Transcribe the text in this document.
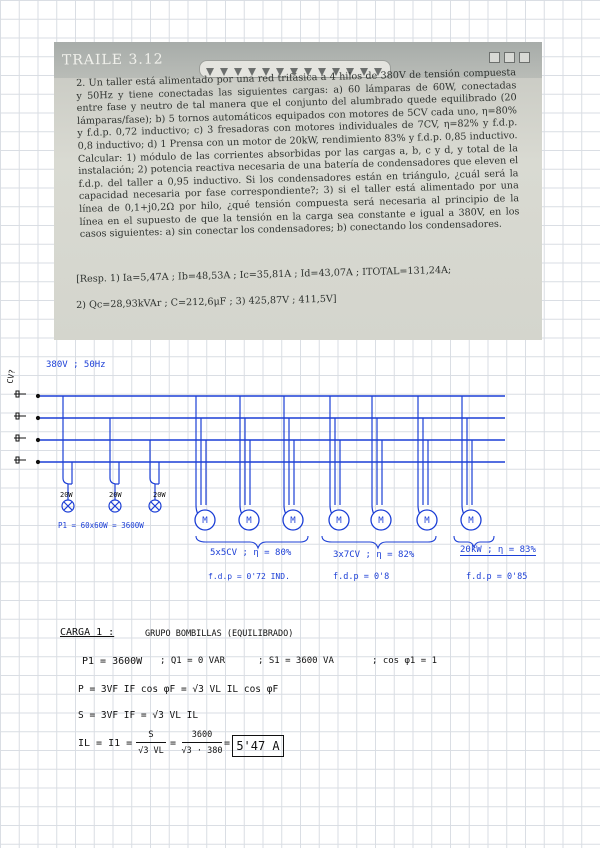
TRAILE 3.12
2. Un taller está alimentado por una red trifásica a 4 hilos de 380V de tensión compuesta y 50Hz y tiene conectadas las siguientes cargas: a) 60 lámparas de 60W, conectadas entre fase y neutro de tal manera que el conjunto del alumbrado quede equilibrado (20 lámparas/fase); b) 5 tornos automáticos equipados con motores de 5CV cada uno, η=80% y f.d.p. 0,72 inductivo; c) 3 fresadoras con motores individuales de 7CV, η=82% y f.d.p. 0,8 inductivo; d) 1 Prensa con un motor de 20kW, rendimiento 83% y f.d.p. 0,85 inductivo. Calcular: 1) módulo de las corrientes absorbidas por las cargas a, b, c y d, y total de la instalación; 2) potencia reactiva necesaria de una batería de condensadores que eleven el f.d.p. del taller a 0,95 inductivo. Si los condensadores están en triángulo, ¿cuál será la capacidad necesaria por fase correspondiente?; 3) si el taller está alimentado por una línea de 0,1+j0,2Ω por hilo, ¿qué tensión compuesta será necesaria al principio de la línea en el supuesto de que la tensión en la carga sea constante e igual a 380V, en los casos siguientes: a) sin conectar los condensadores; b) conectando los condensadores.
[Resp. 1) Ia=5,47A ; Ib=48,53A ; Ic=35,81A ; Id=43,07A ; ITOTAL=131,24A;
2) Qc=28,93kVAr ; C=212,6μF ; 3) 425,87V ; 411,5V]
380V ; 50Hz
CV?
20W	20W	20W
M	M	M	M	M	M	M
P1 = 60x60W = 3600W
5x5CV ; η = 80%
f.d.p = 0'72 IND.
3x7CV ; η = 82%
f.d.p = 0'8
20kW ; η = 83%
f.d.p = 0'85
CARGA 1 :	GRUPO BOMBILLAS (EQUILIBRADO)
P1 = 3600W ; Q1 = 0 VAR	; S1 = 3600 VA	; cos φ1 = 1
P = 3VF IF cos φF = √3 VL IL cos φF
S = 3VF IF = √3 VL IL
IL = I1 =
S
√3 VL
=
3600
√3 · 380
= 5'47 A
